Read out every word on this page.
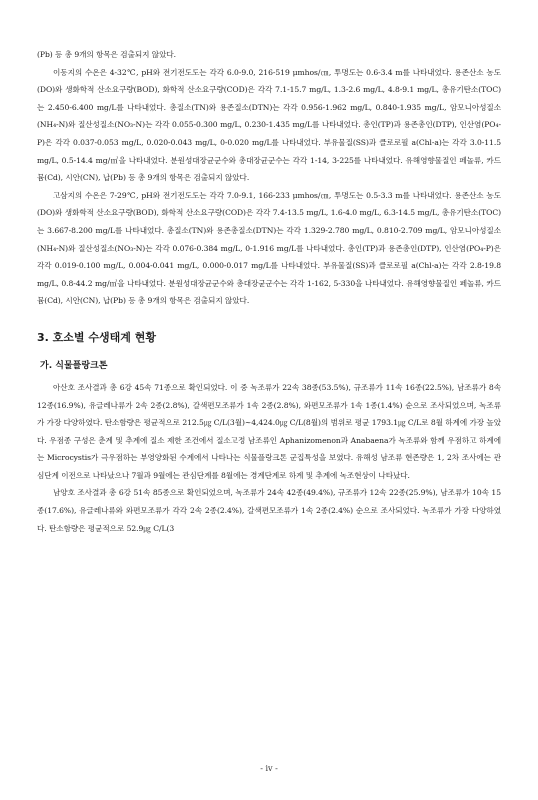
(Pb) 등 총 9개의 항목은 검출되지 않았다.

이동지의 수온은 4-32℃, pH와 전기전도도는 각각 6.0-9.0, 216-519 μmhos/㎝, 투명도는 0.6-3.4 m를 나타내었다. 용존산소 농도(DO)와 생화학적 산소요구량(BOD), 화학적 산소요구량(COD)은 각각 7.1-15.7 mg/L, 1.3-2.6 mg/L, 4.8-9.1 mg/L, 총유기탄소(TOC)는 2.450-6.400 mg/L를 나타내었다. 총질소(TN)와 용존질소(DTN)는 각각 0.956-1.962 mg/L, 0.840-1.935 mg/L, 암모니아성질소(NH₄-N)와 질산성질소(NO₃-N)는 각각 0.055-0.300 mg/L, 0.230-1.435 mg/L를 나타내었다. 총인(TP)과 용존총인(DTP), 인산염(PO₄-P)은 각각 0.037-0.053 mg/L, 0.020-0.043 mg/L, 0-0.020 mg/L를 나타내었다. 부유물질(SS)과 클로로필 a(Chl-a)는 각각 3.0-11.5 mg/L, 0.5-14.4 mg/㎥을 나타내었다. 분원성대장균군수와 총대장균군수는 각각 1-14, 3-225를 나타내었다. 유해영향물질인 페놀류, 카드뮴(Cd), 시안(CN), 납(Pb) 등 총 9개의 항목은 검출되지 않았다.

고삼지의 수온은 7-29℃, pH와 전기전도도는 각각 7.0-9.1, 166-233 μmhos/㎝, 투명도는 0.5-3.3 m를 나타내었다. 용존산소 농도(DO)와 생화학적 산소요구량(BOD), 화학적 산소요구량(COD)은 각각 7.4-13.5 mg/L, 1.6-4.0 mg/L, 6.3-14.5 mg/L, 총유기탄소(TOC)는 3.667-8.200 mg/L를 나타내었다. 총질소(TN)와 용존총질소(DTN)는 각각 1.329-2.780 mg/L, 0.810-2.709 mg/L, 암모니아성질소(NH₄-N)와 질산성질소(NO₃-N)는 각각 0.076-0.384 mg/L, 0-1.916 mg/L를 나타내었다. 총인(TP)과 용존총인(DTP), 인산염(PO₄-P)은 각각 0.019-0.100 mg/L, 0.004-0.041 mg/L, 0.000-0.017 mg/L를 나타내었다. 부유물질(SS)과 클로로필 a(Chl-a)는 각각 2.8-19.8 mg/L, 0.8-44.2 mg/㎥을 나타내었다. 분원성대장균군수와 총대장균군수는 각각 1-162, 5-330을 나타내었다. 유해영향물질인 페놀류, 카드뮴(Cd), 시안(CN), 납(Pb) 등 총 9개의 항목은 검출되지 않았다.

3. 호소별 수생태계 현황
가. 식물플랑크톤

아산호 조사결과 총 6강 45속 71종으로 확인되었다. 이 중 녹조류가 22속 38종(53.5%), 규조류가 11속 16종(22.5%), 남조류가 8속 12종(16.9%), 유글레나류가 2속 2종(2.8%), 갈색편모조류가 1속 2종(2.8%), 와편모조류가 1속 1종(1.4%) 순으로 조사되었으며, 녹조류가 가장 다양하였다. 탄소함량은 평균적으로 212.5㎍ C/L(3월)∼4,424.0㎍ C/L(8월)의 범위로 평균 1793.1㎍ C/L로 8월 하계에 가장 높았다. 우점종 구성은 춘계 및 추계에 질소 제한 조건에서 질소고정 남조류인 Aphanizomenon과 Anabaena가 녹조류와 함께 우점하고 하계에는 Microcystis가 극우점하는 부영양화된 수계에서 나타나는 식물플랑크톤 군집특성을 보였다. 유해성 남조류 현존량은 1, 2차 조사에는 관심단계 이전으로 나타났으나 7월과 9월에는 관심단계를 8월에는 경계단계로 하계 및 추계에 녹조현상이 나타났다.

남양호 조사결과 총 6강 51속 85종으로 확인되었으며, 녹조류가 24속 42종(49.4%), 규조류가 12속 22종(25.9%), 남조류가 10속 15종(17.6%), 유글레나류와 와편모조류가 각각 2속 2종(2.4%), 갈색편모조류가 1속 2종(2.4%) 순으로 조사되었다. 녹조류가 가장 다양하였다. 탄소함량은 평균적으로 52.9㎍ C/L(3

- iv -
